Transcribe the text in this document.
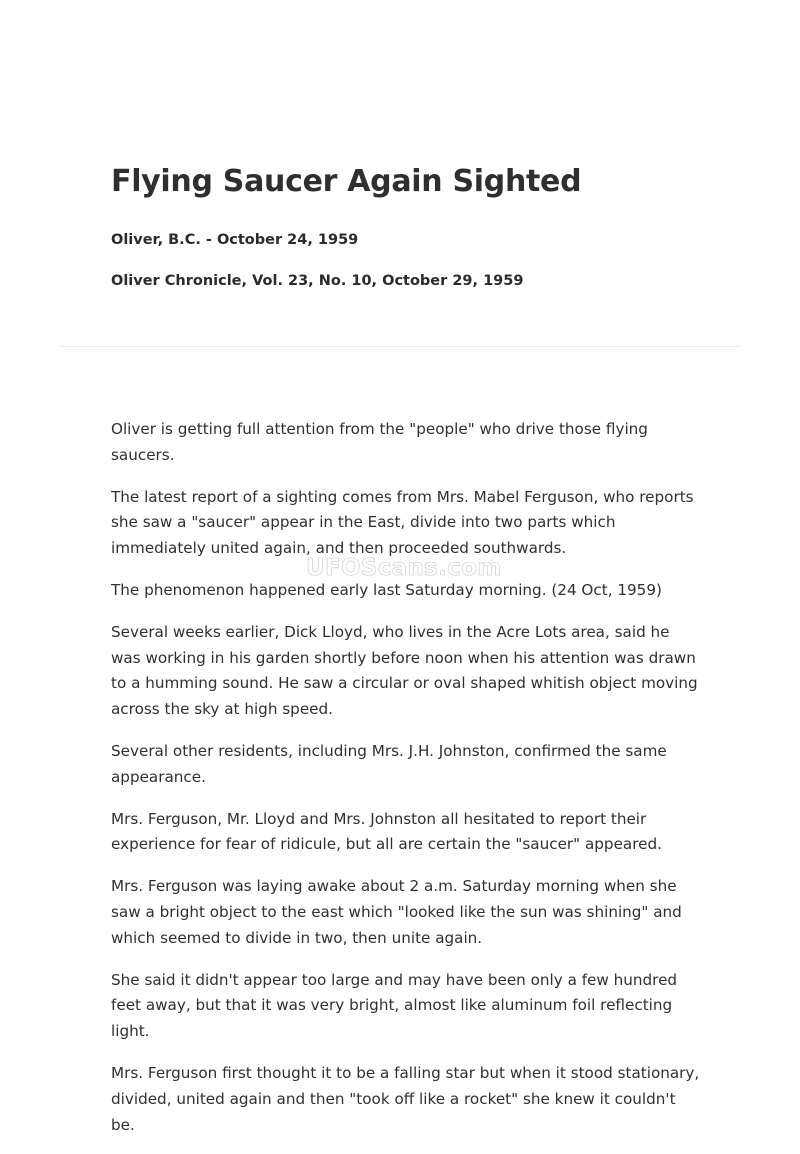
Flying Saucer Again Sighted

Oliver, B.C. - October 24, 1959

Oliver Chronicle, Vol. 23, No. 10, October 29, 1959

Oliver is getting full attention from the "people" who drive those flying saucers.

The latest report of a sighting comes from Mrs. Mabel Ferguson, who reports she saw a "saucer" appear in the East, divide into two parts which immediately united again, and then proceeded southwards.

The phenomenon happened early last Saturday morning. (24 Oct, 1959)

Several weeks earlier, Dick Lloyd, who lives in the Acre Lots area, said he was working in his garden shortly before noon when his attention was drawn to a humming sound. He saw a circular or oval shaped whitish object moving across the sky at high speed.

Several other residents, including Mrs. J.H. Johnston, confirmed the same appearance.

Mrs. Ferguson, Mr. Lloyd and Mrs. Johnston all hesitated to report their experience for fear of ridicule, but all are certain the "saucer" appeared.

Mrs. Ferguson was laying awake about 2 a.m. Saturday morning when she saw a bright object to the east which "looked like the sun was shining" and which seemed to divide in two, then unite again.

She said it didn't appear too large and may have been only a few hundred feet away, but that it was very bright, almost like aluminum foil reflecting light.

Mrs. Ferguson first thought it to be a falling star but when it stood stationary, divided, united again and then "took off like a rocket" she knew it couldn't be.

UFOScans.com
